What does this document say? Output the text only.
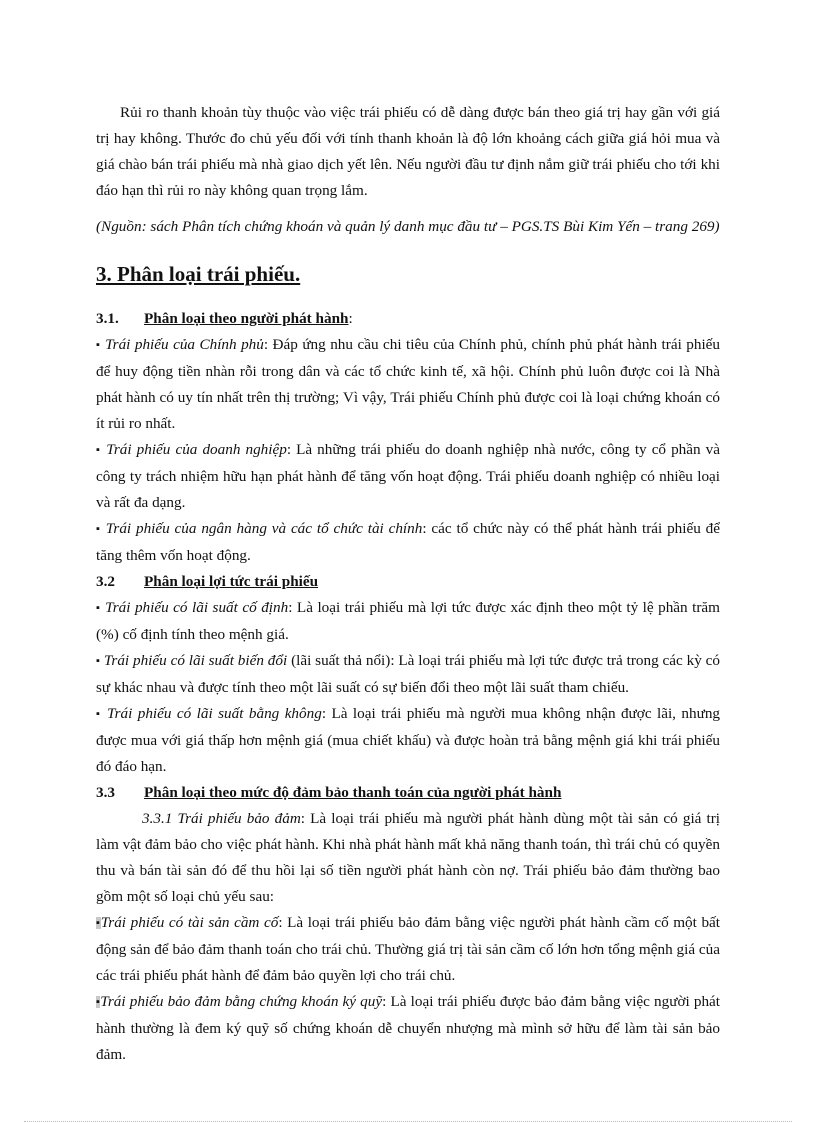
Rủi ro thanh khoản tùy thuộc vào việc trái phiếu có dễ dàng được bán theo giá trị hay gần với giá trị hay không. Thước đo chủ yếu đối với tính thanh khoản là độ lớn khoảng cách giữa giá hỏi mua và giá chào bán trái phiếu mà nhà giao dịch yết lên. Nếu người đầu tư định nắm giữ trái phiếu cho tới khi đáo hạn thì rủi ro này không quan trọng lắm.

(Nguồn: sách Phân tích chứng khoán và quản lý danh mục đầu tư – PGS.TS Bùi Kim Yến – trang 269)

3. Phân loại trái phiếu.

3.1. Phân loại theo người phát hành:

▪ Trái phiếu của Chính phủ: Đáp ứng nhu cầu chi tiêu của Chính phủ, chính phủ phát hành trái phiếu để huy động tiền nhàn rỗi trong dân và các tổ chức kinh tế, xã hội. Chính phủ luôn được coi là Nhà phát hành có uy tín nhất trên thị trường; Vì vậy, Trái phiếu Chính phủ được coi là loại chứng khoán có ít rủi ro nhất.

▪ Trái phiếu của doanh nghiệp: Là những trái phiếu do doanh nghiệp nhà nước, công ty cổ phần và công ty trách nhiệm hữu hạn phát hành để tăng vốn hoạt động. Trái phiếu doanh nghiệp có nhiều loại và rất đa dạng.

▪ Trái phiếu của ngân hàng và các tổ chức tài chính: các tổ chức này có thể phát hành trái phiếu để tăng thêm vốn hoạt động.

3.2 Phân loại lợi tức trái phiếu

▪ Trái phiếu có lãi suất cố định: Là loại trái phiếu mà lợi tức được xác định theo một tỷ lệ phần trăm (%) cố định tính theo mệnh giá.

▪ Trái phiếu có lãi suất biến đổi (lãi suất thả nổi): Là loại trái phiếu mà lợi tức được trả trong các kỳ có sự khác nhau và được tính theo một lãi suất có sự biến đổi theo một lãi suất tham chiếu.

▪ Trái phiếu có lãi suất bằng không: Là loại trái phiếu mà người mua không nhận được lãi, nhưng được mua với giá thấp hơn mệnh giá (mua chiết khấu) và được hoàn trả bằng mệnh giá khi trái phiếu đó đáo hạn.

3.3 Phân loại theo mức độ đảm bảo thanh toán của người phát hành

3.3.1 Trái phiếu bảo đảm: Là loại trái phiếu mà người phát hành dùng một tài sản có giá trị làm vật đảm bảo cho việc phát hành. Khi nhà phát hành mất khả năng thanh toán, thì trái chủ có quyền thu và bán tài sản đó để thu hồi lại số tiền người phát hành còn nợ. Trái phiếu bảo đảm thường bao gồm một số loại chủ yếu sau:

▪Trái phiếu có tài sản cầm cố: Là loại trái phiếu bảo đảm bằng việc người phát hành cầm cố một bất động sản để bảo đảm thanh toán cho trái chủ. Thường giá trị tài sản cầm cố lớn hơn tổng mệnh giá của các trái phiếu phát hành để đảm bảo quyền lợi cho trái chủ.

▪Trái phiếu bảo đảm bằng chứng khoán ký quỹ: Là loại trái phiếu được bảo đảm bằng việc người phát hành thường là đem ký quỹ số chứng khoán dễ chuyển nhượng mà mình sở hữu để làm tài sản bảo đảm.
